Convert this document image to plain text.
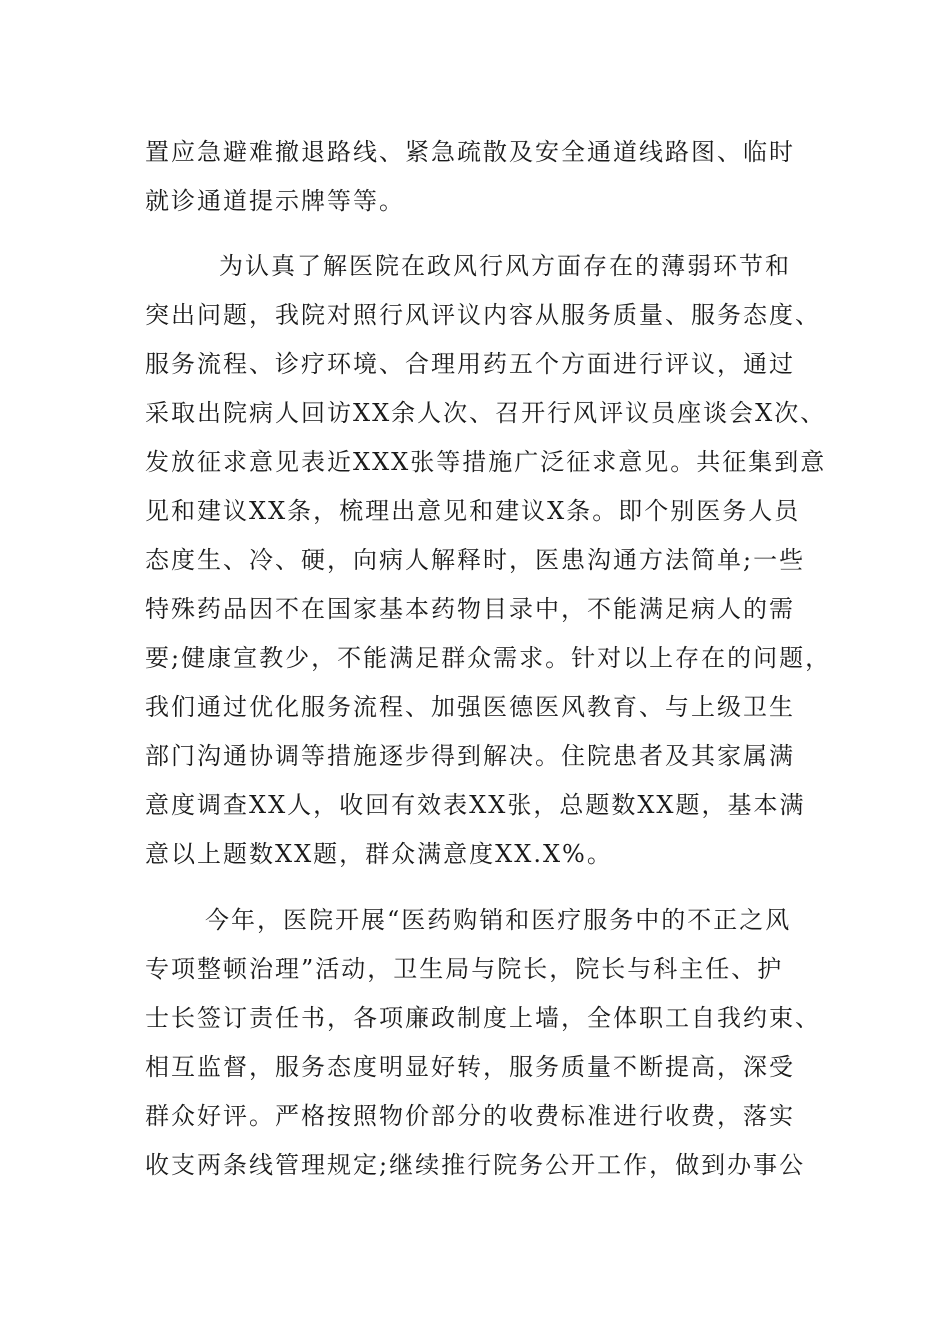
置应急避难撤退路线、紧急疏散及安全通道线路图、临时
就诊通道提示牌等等。
为认真了解医院在政风行风方面存在的薄弱环节和
突出问题，我院对照行风评议内容从服务质量、服务态度、
服务流程、诊疗环境、合理用药五个方面进行评议，通过
采取出院病人回访XX余人次、召开行风评议员座谈会X次、
发放征求意见表近XXX张等措施广泛征求意见。共征集到意
见和建议XX条，梳理出意见和建议X条。即个别医务人员
态度生、冷、硬，向病人解释时，医患沟通方法简单;一些
特殊药品因不在国家基本药物目录中，不能满足病人的需
要;健康宣教少，不能满足群众需求。针对以上存在的问题，
我们通过优化服务流程、加强医德医风教育、与上级卫生
部门沟通协调等措施逐步得到解决。住院患者及其家属满
意度调查XX人，收回有效表XX张，总题数XX题，基本满
意以上题数XX题，群众满意度XX.X%。
今年，医院开展“医药购销和医疗服务中的不正之风
专项整顿治理”活动，卫生局与院长，院长与科主任、护
士长签订责任书，各项廉政制度上墙，全体职工自我约束、
相互监督，服务态度明显好转，服务质量不断提高，深受
群众好评。严格按照物价部分的收费标准进行收费，落实
收支两条线管理规定;继续推行院务公开工作，做到办事公
